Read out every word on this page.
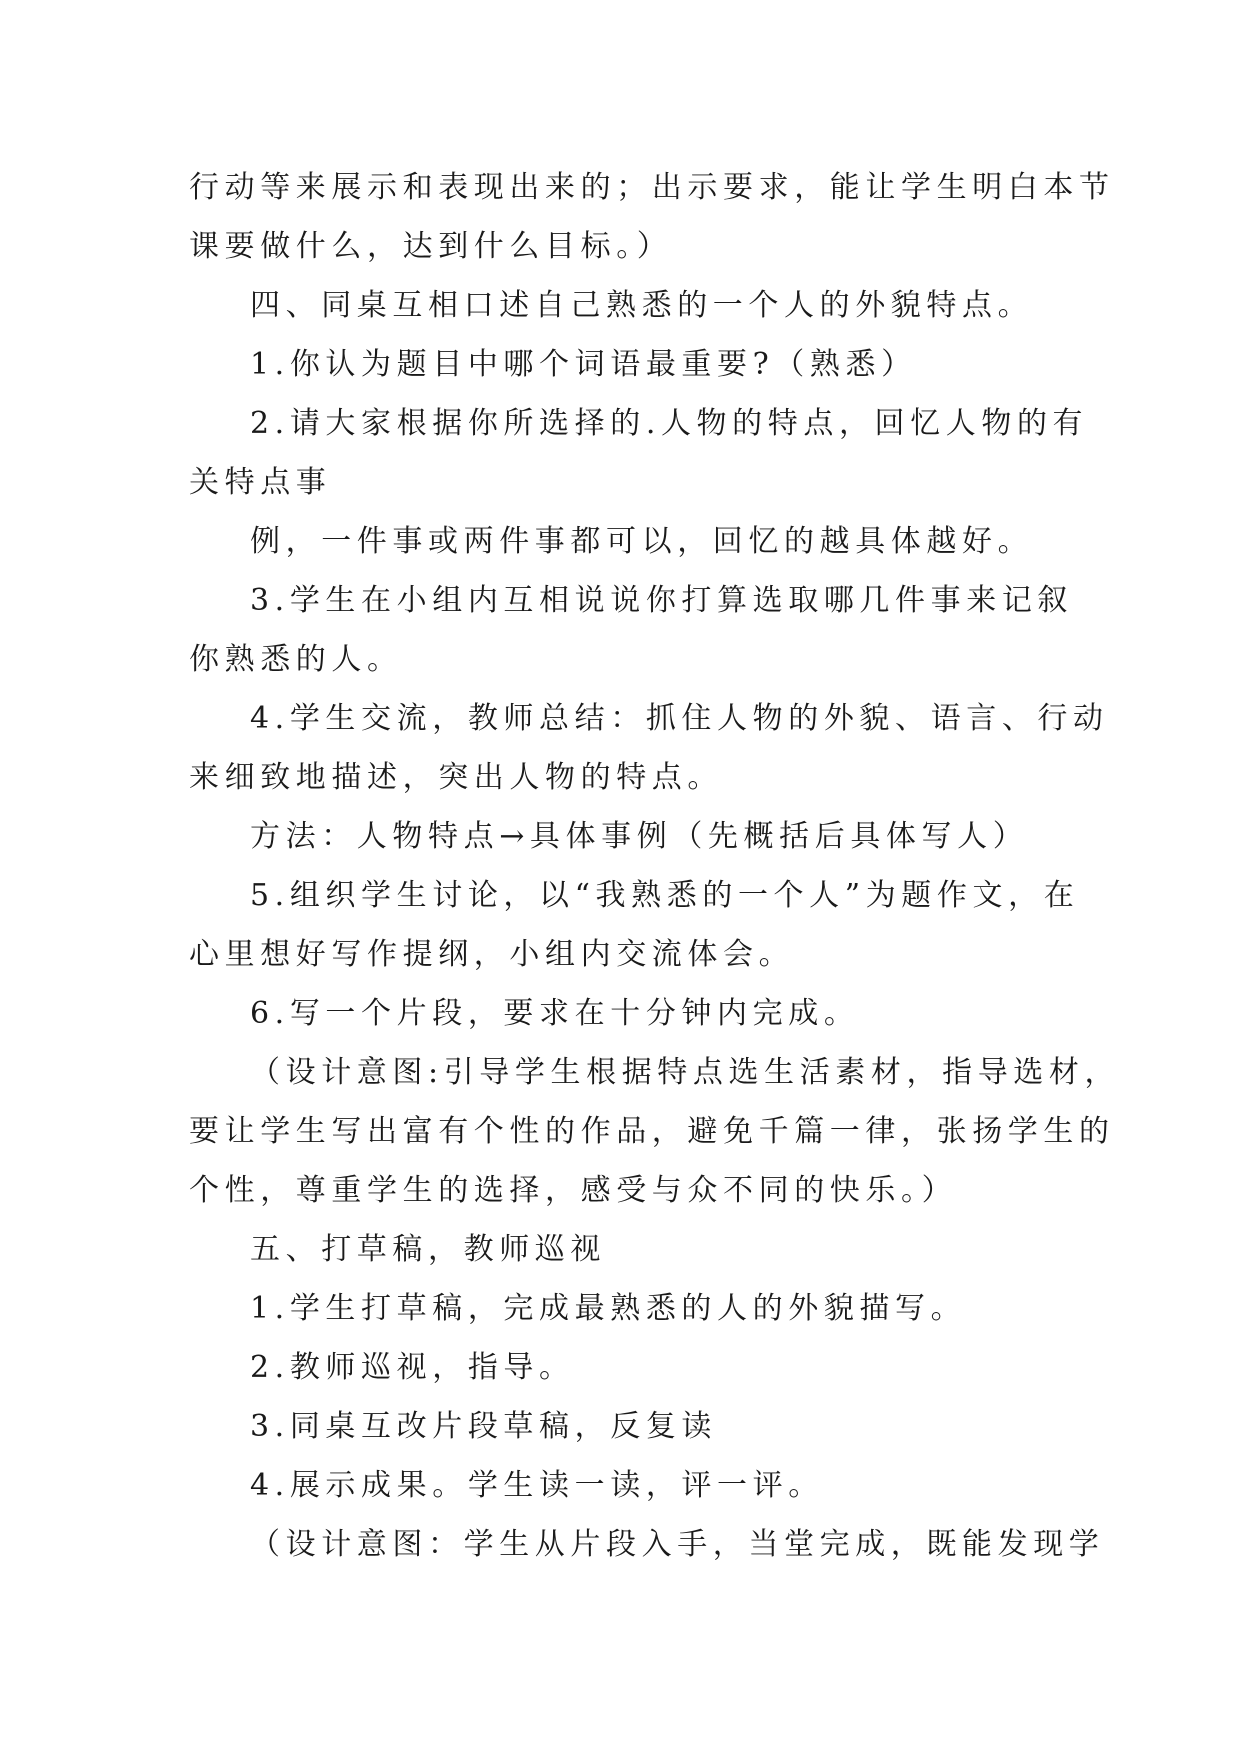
行动等来展示和表现出来的；出示要求，能让学生明白本节
课要做什么，达到什么目标。）
四、同桌互相口述自己熟悉的一个人的外貌特点。
1.你认为题目中哪个词语最重要?（熟悉）
2.请大家根据你所选择的.人物的特点，回忆人物的有
关特点事
例，一件事或两件事都可以，回忆的越具体越好。
3.学生在小组内互相说说你打算选取哪几件事来记叙
你熟悉的人。
4.学生交流，教师总结：抓住人物的外貌、语言、行动
来细致地描述，突出人物的特点。
方法：人物特点→具体事例（先概括后具体写人）
5.组织学生讨论，以“我熟悉的一个人”为题作文，在
心里想好写作提纲，小组内交流体会。
6.写一个片段，要求在十分钟内完成。
（设计意图:引导学生根据特点选生活素材，指导选材，
要让学生写出富有个性的作品，避免千篇一律，张扬学生的
个性，尊重学生的选择，感受与众不同的快乐。）
五、打草稿，教师巡视
1.学生打草稿，完成最熟悉的人的外貌描写。
2.教师巡视，指导。
3.同桌互改片段草稿，反复读
4.展示成果。学生读一读，评一评。
（设计意图：学生从片段入手，当堂完成，既能发现学
